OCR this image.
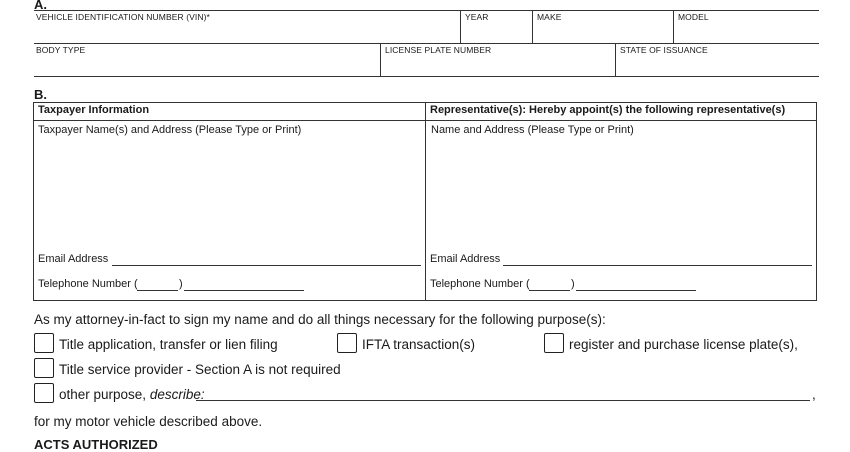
A.
VEHICLE IDENTIFICATION NUMBER (VIN)*	YEAR	MAKE	MODEL
BODY TYPE	LICENSE PLATE NUMBER	STATE OF ISSUANCE
B.
Taxpayer Information	Representative(s): Hereby appoint(s) the following representative(s)
Taxpayer Name(s) and Address (Please Type or Print)	Name and Address (Please Type or Print)
Email Address	Email Address
Telephone Number (	)	Telephone Number (	)
As my attorney-in-fact to sign my name and do all things necessary for the following purpose(s):
Title application, transfer or lien filing	IFTA transaction(s)	register and purchase license plate(s),
Title service provider - Section A is not required
other purpose, describe:	,
for my motor vehicle described above.
ACTS AUTHORIZED
